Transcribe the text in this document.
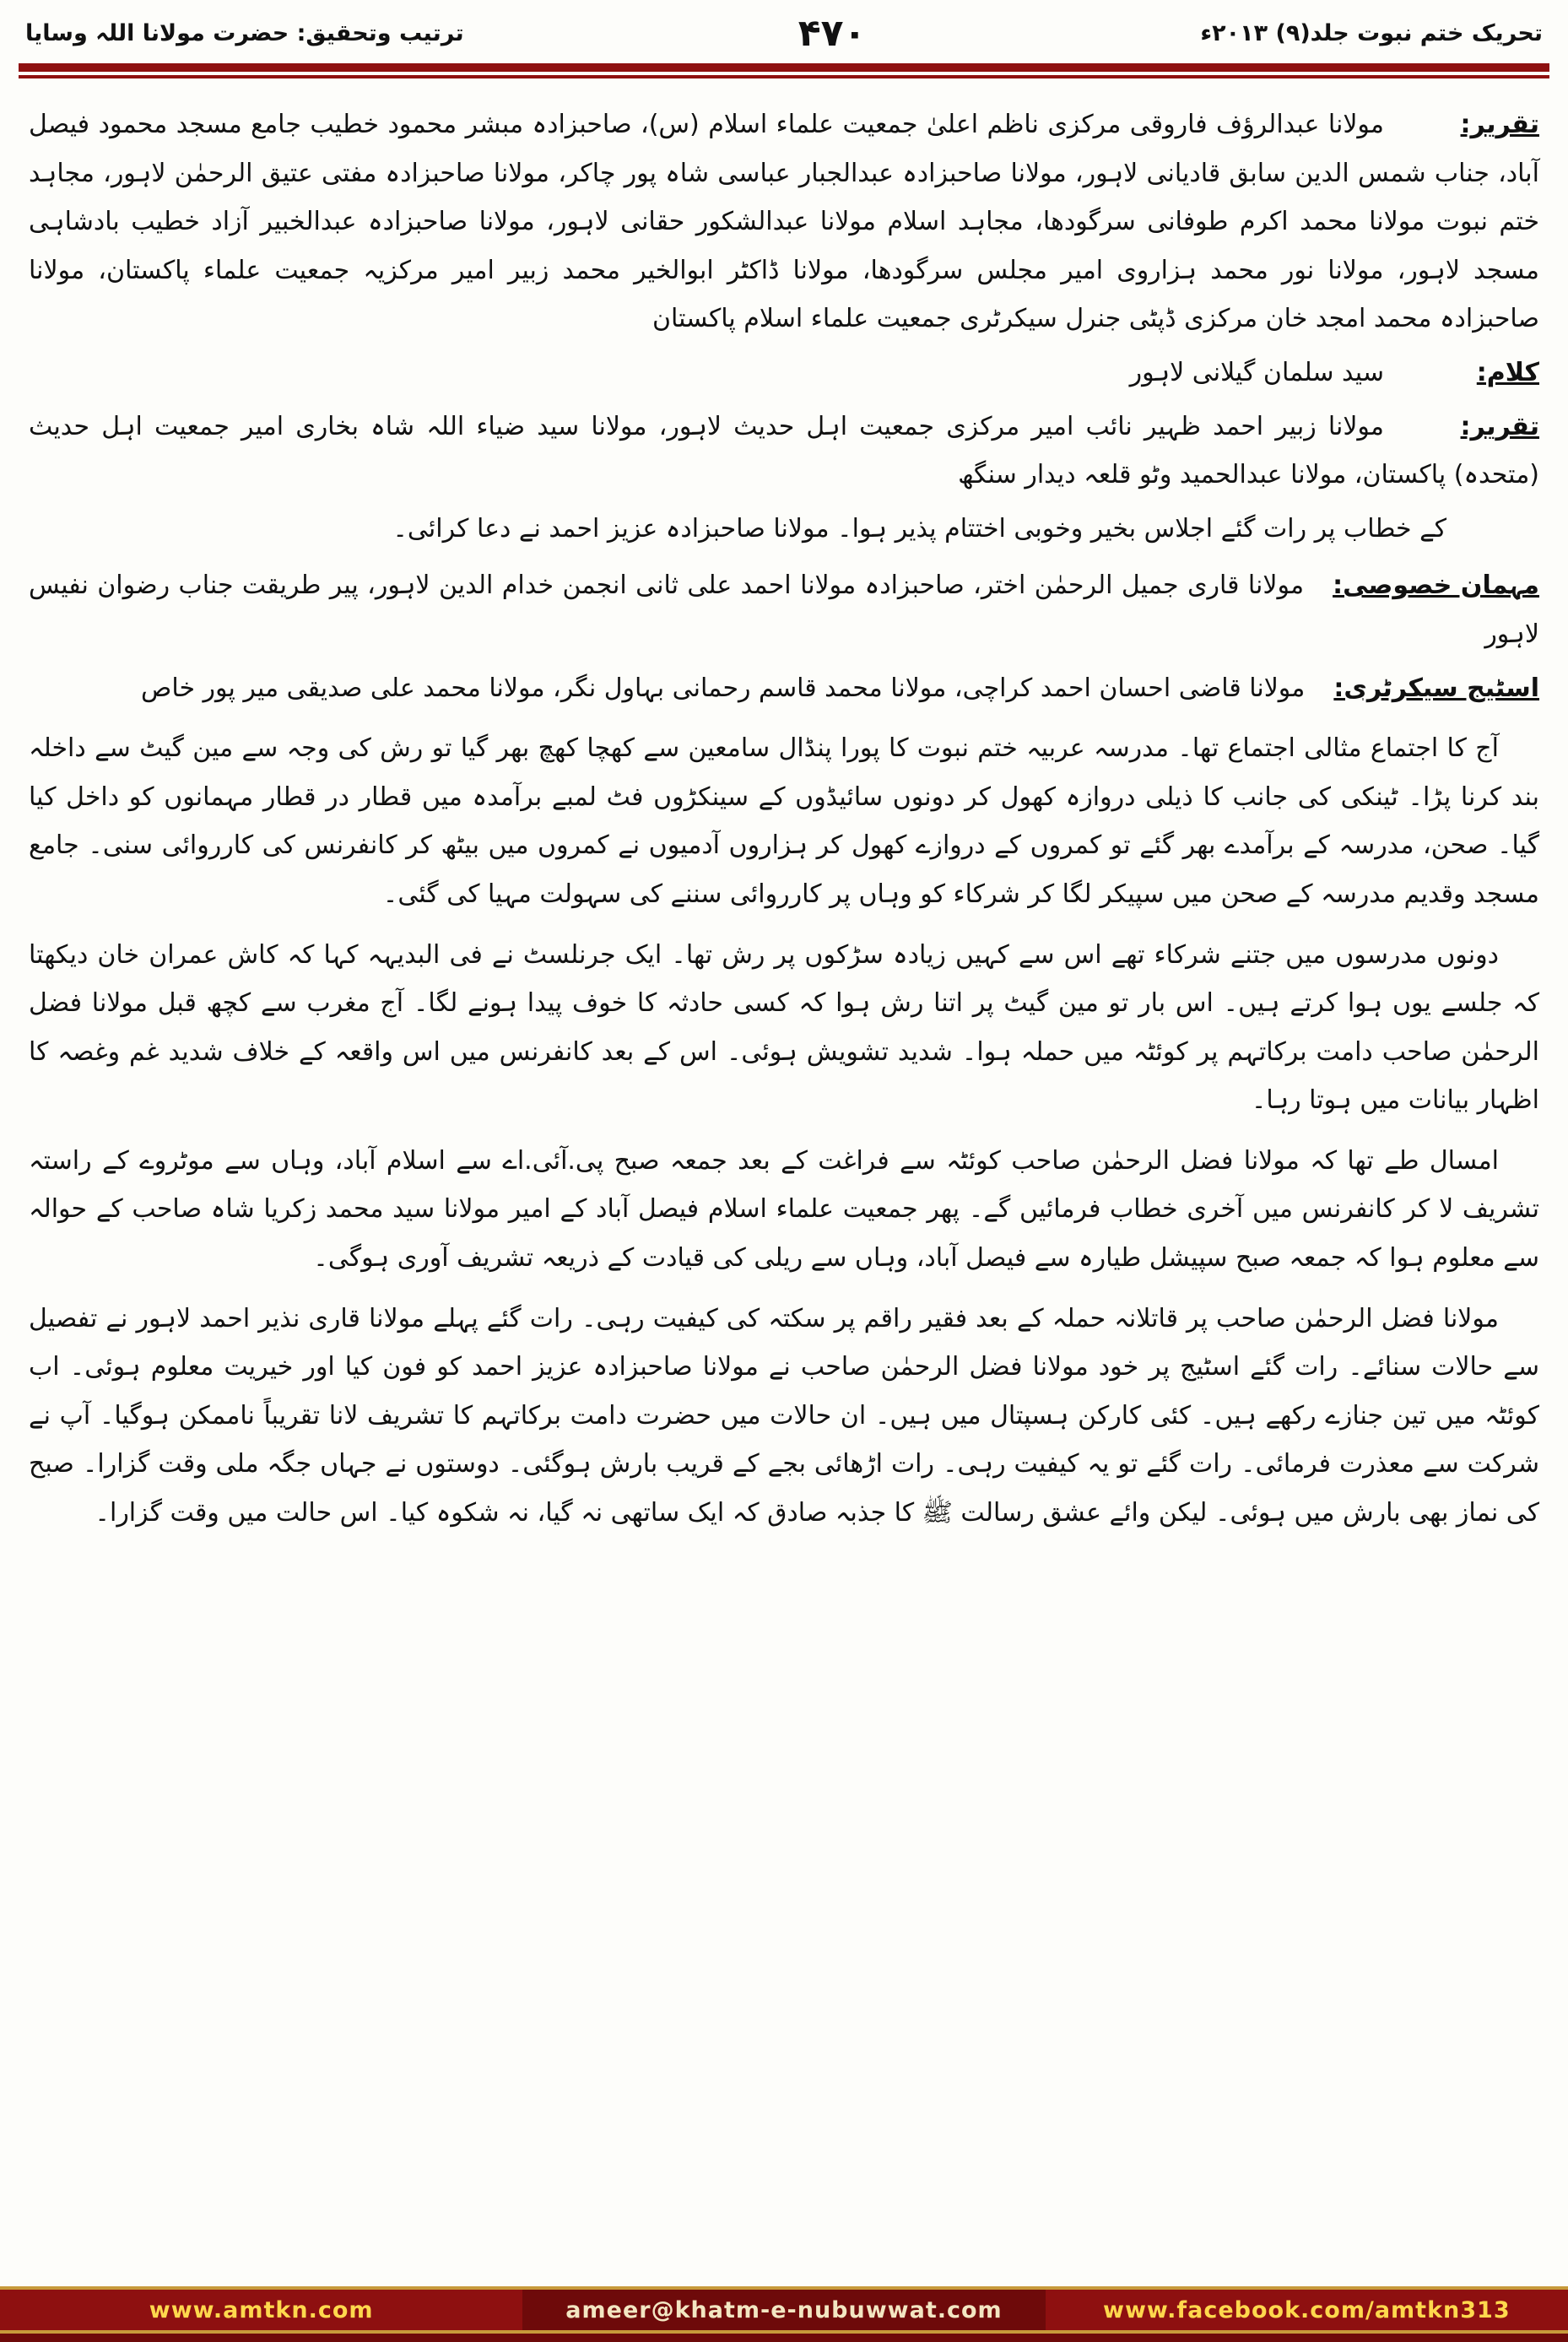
تحریک ختم نبوت جلد(۹) ۲۰۱۳ء
۴۷۰
ترتیب وتحقیق: حضرت مولانا اللہ وسایا

تقریر:مولانا عبدالرؤف فاروقی مرکزی ناظم اعلیٰ جمعیت علماء اسلام (س)، صاحبزادہ مبشر محمود خطیب جامع مسجد محمود فیصل آباد، جناب شمس الدین سابق قادیانی لاہور، مولانا صاحبزادہ عبدالجبار عباسی شاہ پور چاکر، مولانا صاحبزادہ مفتی عتیق الرحمٰن لاہور، مجاہد ختم نبوت مولانا محمد اکرم طوفانی سرگودھا، مجاہد اسلام مولانا عبدالشکور حقانی لاہور، مولانا صاحبزادہ عبدالخبیر آزاد خطیب بادشاہی مسجد لاہور، مولانا نور محمد ہزاروی امیر مجلس سرگودھا، مولانا ڈاکٹر ابوالخیر محمد زبیر امیر مرکزیہ جمعیت علماء پاکستان، مولانا صاحبزادہ محمد امجد خان مرکزی ڈپٹی جنرل سیکرٹری جمعیت علماء اسلام پاکستان

کلام:سید سلمان گیلانی لاہور

تقریر:مولانا زبیر احمد ظہیر نائب امیر مرکزی جمعیت اہل حدیث لاہور، مولانا سید ضیاء اللہ شاہ بخاری امیر جمعیت اہل حدیث (متحدہ) پاکستان، مولانا عبدالحمید وٹو قلعہ دیدار سنگھ

کے خطاب پر رات گئے اجلاس بخیر وخوبی اختتام پذیر ہوا۔ مولانا صاحبزادہ عزیز احمد نے دعا کرائی۔

مہمان خصوصی:مولانا قاری جمیل الرحمٰن اختر، صاحبزادہ مولانا احمد علی ثانی انجمن خدام الدین لاہور، پیر طریقت جناب رضوان نفیس لاہور

اسٹیج سیکرٹری:مولانا قاضی احسان احمد کراچی، مولانا محمد قاسم رحمانی بہاول نگر، مولانا محمد علی صدیقی میر پور خاص

آج کا اجتماع مثالی اجتماع تھا۔ مدرسہ عربیہ ختم نبوت کا پورا پنڈال سامعین سے کھچا کھچ بھر گیا تو رش کی وجہ سے مین گیٹ سے داخلہ بند کرنا پڑا۔ ٹینکی کی جانب کا ذیلی دروازہ کھول کر دونوں سائیڈوں کے سینکڑوں فٹ لمبے برآمدہ میں قطار در قطار مہمانوں کو داخل کیا گیا۔ صحن، مدرسہ کے برآمدے بھر گئے تو کمروں کے دروازے کھول کر ہزاروں آدمیوں نے کمروں میں بیٹھ کر کانفرنس کی کارروائی سنی۔ جامع مسجد وقدیم مدرسہ کے صحن میں سپیکر لگا کر شرکاء کو وہاں پر کارروائی سننے کی سہولت مہیا کی گئی۔

دونوں مدرسوں میں جتنے شرکاء تھے اس سے کہیں زیادہ سڑکوں پر رش تھا۔ ایک جرنلسٹ نے فی البدیہہ کہا کہ کاش عمران خان دیکھتا کہ جلسے یوں ہوا کرتے ہیں۔ اس بار تو مین گیٹ پر اتنا رش ہوا کہ کسی حادثہ کا خوف پیدا ہونے لگا۔ آج مغرب سے کچھ قبل مولانا فضل الرحمٰن صاحب دامت برکاتہم پر کوئٹہ میں حملہ ہوا۔ شدید تشویش ہوئی۔ اس کے بعد کانفرنس میں اس واقعہ کے خلاف شدید غم وغصہ کا اظہار بیانات میں ہوتا رہا۔

امسال طے تھا کہ مولانا فضل الرحمٰن صاحب کوئٹہ سے فراغت کے بعد جمعہ صبح پی.آئی.اے سے اسلام آباد، وہاں سے موٹروے کے راستہ تشریف لا کر کانفرنس میں آخری خطاب فرمائیں گے۔ پھر جمعیت علماء اسلام فیصل آباد کے امیر مولانا سید محمد زکریا شاہ صاحب کے حوالہ سے معلوم ہوا کہ جمعہ صبح سپیشل طیارہ سے فیصل آباد، وہاں سے ریلی کی قیادت کے ذریعہ تشریف آوری ہوگی۔

مولانا فضل الرحمٰن صاحب پر قاتلانہ حملہ کے بعد فقیر راقم پر سکتہ کی کیفیت رہی۔ رات گئے پہلے مولانا قاری نذیر احمد لاہور نے تفصیل سے حالات سنائے۔ رات گئے اسٹیج پر خود مولانا فضل الرحمٰن صاحب نے مولانا صاحبزادہ عزیز احمد کو فون کیا اور خیریت معلوم ہوئی۔ اب کوئٹہ میں تین جنازے رکھے ہیں۔ کئی کارکن ہسپتال میں ہیں۔ ان حالات میں حضرت دامت برکاتہم کا تشریف لانا تقریباً ناممکن ہوگیا۔ آپ نے شرکت سے معذرت فرمائی۔ رات گئے تو یہ کیفیت رہی۔ رات اڑھائی بجے کے قریب بارش ہوگئی۔ دوستوں نے جہاں جگہ ملی وقت گزارا۔ صبح کی نماز بھی بارش میں ہوئی۔ لیکن وائے عشق رسالت ﷺ کا جذبہ صادق کہ ایک ساتھی نہ گیا، نہ شکوہ کیا۔ اس حالت میں وقت گزارا۔

www.amtkn.com	ameer@khatm-e-nubuwwat.com	www.facebook.com/amtkn313
